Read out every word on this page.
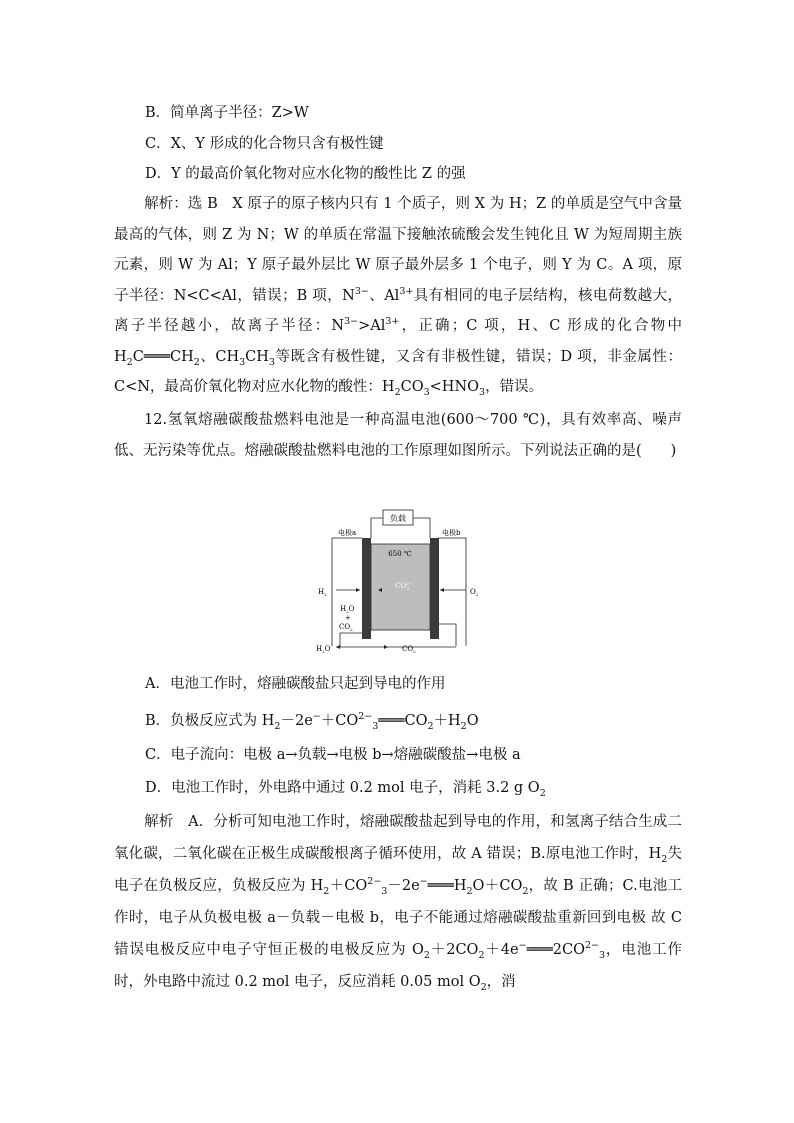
B．简单离子半径：Z>W
C．X、Y 形成的化合物只含有极性键
D．Y 的最高价氧化物对应水化物的酸性比 Z 的强

解析：选 B　X 原子的原子核内只有 1 个质子，则 X 为 H；Z 的单质是空气中含量最高的气体，则 Z 为 N；W 的单质在常温下接触浓硫酸会发生钝化且 W 为短周期主族元素，则 W 为 Al；Y 原子最外层比 W 原子最外层多 1 个电子，则 Y 为 C。A 项，原子半径：N<C<Al，错误；B 项，$N^{3-}$、$Al^{3+}$具有相同的电子层结构，核电荷数越大，离子半径越小，故离子半径：$N^{3-}>Al^{3+}$，正确；C 项，H、C 形成的化合物中 $H_2C═══CH_2$、$CH_3CH_3$等既含有极性键，又含有非极性键，错误；D 项，非金属性：C<N，最高价氧化物对应水化物的酸性：$H_2CO_3<HNO_3$，错误。

12.氢氧熔融碳酸盐燃料电池是一种高温电池(600～700 ℃)，具有效率高、噪声低、无污染等优点。熔融碳酸盐燃料电池的工作原理如图所示。下列说法正确的是(　　)

负载
电极a	电极b
650 ℃
$CO^{2-}$ 3
$H_2$	$O_2$
$H_2O$
+
$CO_2$
$H_2O$	$CO_2$
A．电池工作时，熔融碳酸盐只起到导电的作用
B．负极反应式为 $H_2-2e^-+CO^{2-}_3═══CO_2+H_2O$
C．电子流向：电极 a→负载→电极 b→熔融碳酸盐→电极 a
D．电池工作时，外电路中通过 0.2 mol 电子，消耗 3.2 g $O_2$

解析　A．分析可知电池工作时，熔融碳酸盐起到导电的作用，和氢离子结合生成二氧化碳，二氧化碳在正极生成碳酸根离子循环使用，故 A 错误；B.原电池工作时，$H_2$失电子在负极反应，负极反应为 $H_2+CO^{2-}_3-2e^-═══H_2O+CO_2$，故 B 正确；C.电池工作时，电子从负极电极 a－负载－电极 b，电子不能通过熔融碳酸盐重新回到电极 故 C 错误电极反应中电子守恒正极的电极反应为 $O_2+2CO_2+4e^-═══2CO^{2-}_3$，电池工作时，外电路中流过 0.2 mol 电子，反应消耗 0.05 mol $O_2$，消
